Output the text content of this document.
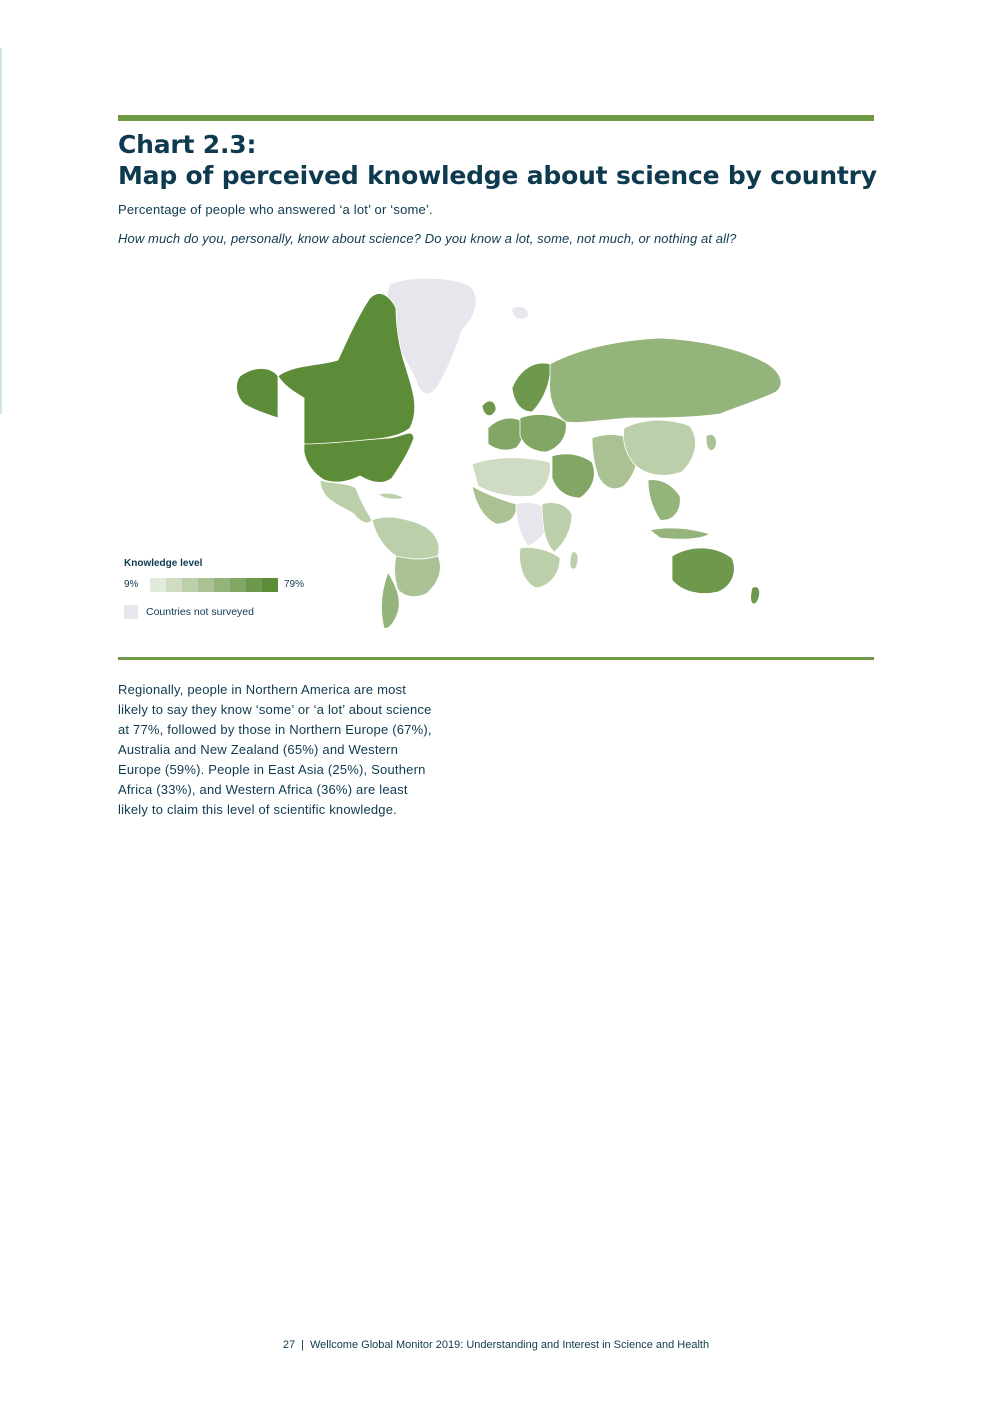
Chart 2.3:
Map of perceived knowledge about science by country
Percentage of people who answered ‘a lot’ or ‘some’.
How much do you, personally, know about science? Do you know a lot, some, not much, or nothing at all?
Knowledge level
9%	79%
Countries not surveyed
Regionally, people in Northern America are most
likely to say they know ‘some’ or ‘a lot’ about science
at 77%, followed by those in Northern Europe (67%),
Australia and New Zealand (65%) and Western
Europe (59%). People in East Asia (25%), Southern
Africa (33%), and Western Africa (36%) are least
likely to claim this level of scientific knowledge.
27 | Wellcome Global Monitor 2019: Understanding and Interest in Science and Health
